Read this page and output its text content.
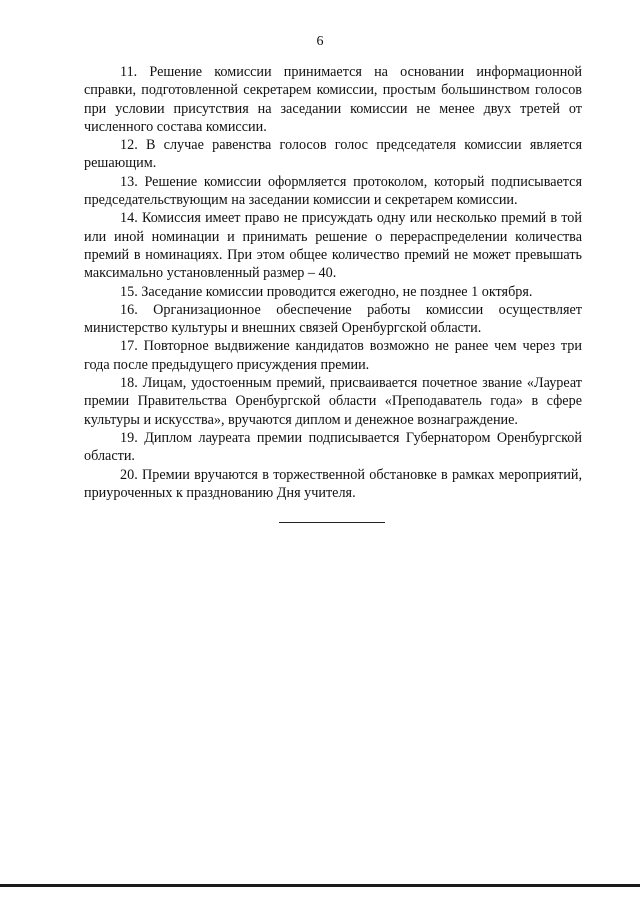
6

11. Решение комиссии принимается на основании информационной справки, подготовленной секретарем комиссии, простым большинством голосов при условии присутствия на заседании комиссии не менее двух третей от численного состава комиссии.

12. В случае равенства голосов голос председателя комиссии является решающим.

13. Решение комиссии оформляется протоколом, который подписывается председательствующим на заседании комиссии и секретарем комиссии.

14. Комиссия имеет право не присуждать одну или несколько премий в той или иной номинации и принимать решение о перераспределении количества премий в номинациях. При этом общее количество премий не может превышать максимально установленный размер – 40.

15. Заседание комиссии проводится ежегодно, не позднее 1 октября.

16. Организационное обеспечение работы комиссии осуществляет министерство культуры и внешних связей Оренбургской области.

17. Повторное выдвижение кандидатов возможно не ранее чем через три года после предыдущего присуждения премии.

18. Лицам, удостоенным премий, присваивается почетное звание «Лауреат премии Правительства Оренбургской области «Преподаватель года» в сфере культуры и искусства», вручаются диплом и денежное вознаграждение.

19. Диплом лауреата премии подписывается Губернатором Оренбургской области.

20. Премии вручаются в торжественной обстановке в рамках мероприятий, приуроченных к празднованию Дня учителя.
